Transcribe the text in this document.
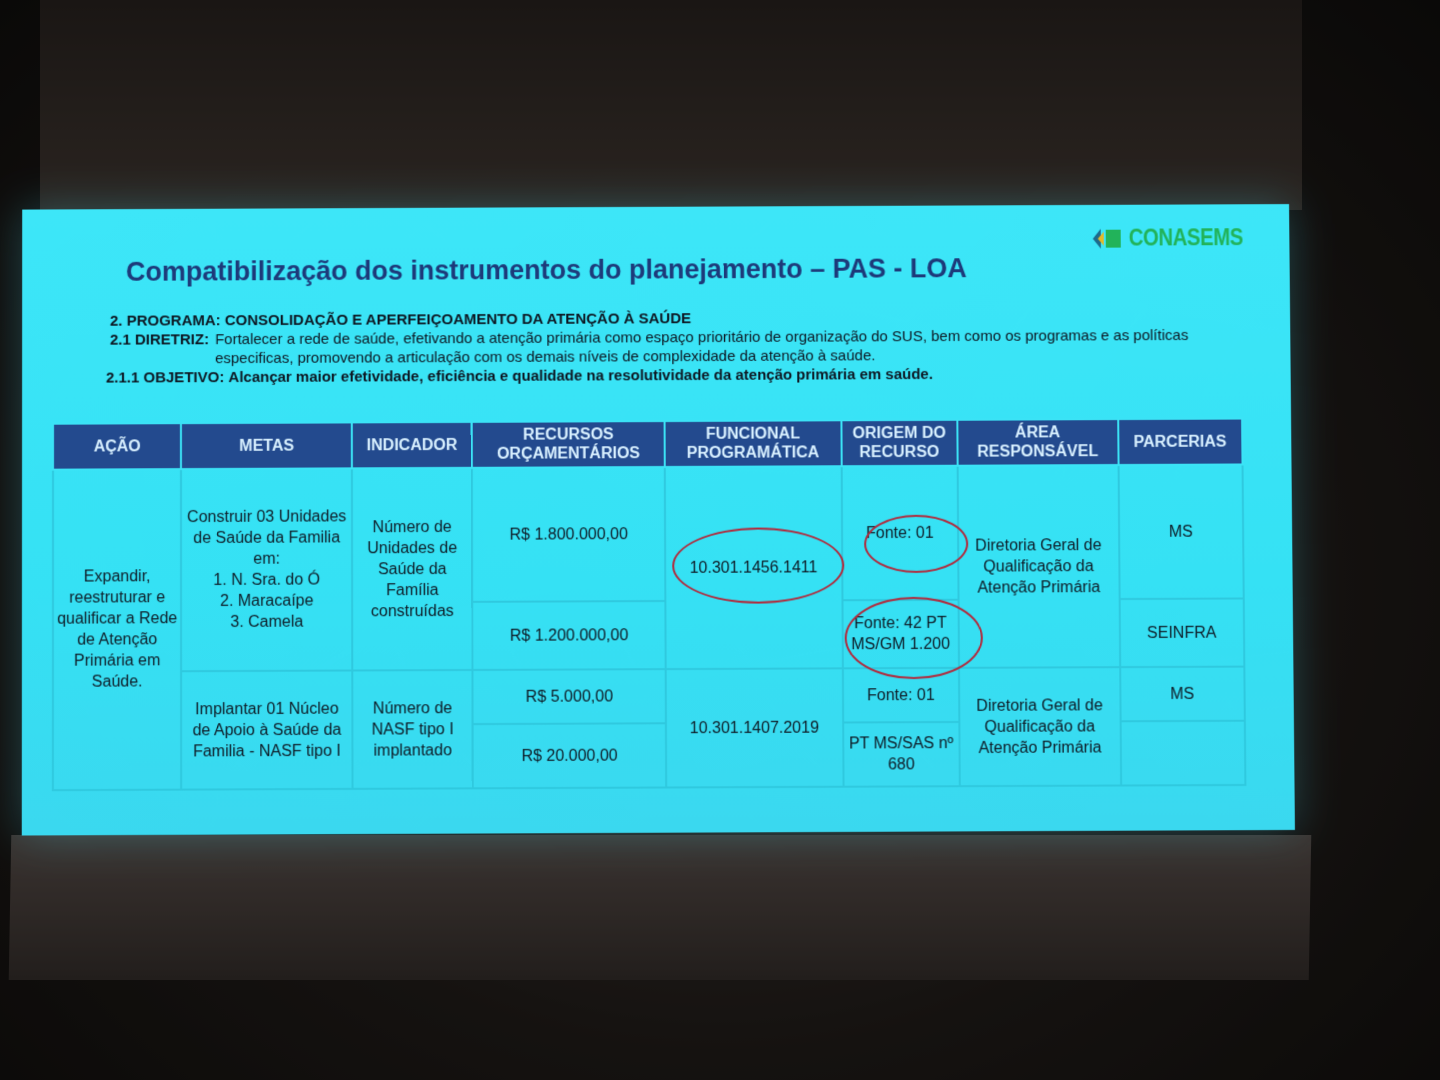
CONASEMS
Compatibilização dos instrumentos do planejamento – PAS - LOA
2. PROGRAMA: CONSOLIDAÇÃO E APERFEIÇOAMENTO DA ATENÇÃO À SAÚDE
2.1 DIRETRIZ: Fortalecer a rede de saúde, efetivando a atenção primária como espaço prioritário de organização do SUS, bem como os programas e as políticas especificas, promovendo a articulação com os demais níveis de complexidade da atenção à saúde.
2.1.1 OBJETIVO: Alcançar maior efetividade, eficiência e qualidade na resolutividade da atenção primária em saúde.
AÇÃO	METAS	INDICADOR	RECURSOS ORÇAMENTÁRIOS	FUNCIONAL PROGRAMÁTICA	ORIGEM DO RECURSO	ÁREA RESPONSÁVEL	PARCERIAS
Expandir, reestruturar e qualificar a Rede de Atenção Primária em Saúde.	Construir 03 Unidades de Saúde da Familia em:
1. N. Sra. do Ó
2. Maracaípe
3. Camela	Número de Unidades de Saúde da Família construídas	R$ 1.800.000,00	10.301.1456.1411	Fonte: 01	Diretoria Geral de Qualificação da Atenção Primária	MS
			R$ 1.200.000,00		Fonte: 42 PT MS/GM 1.200		SEINFRA
	Implantar 01 Núcleo de Apoio à Saúde da Familia - NASF tipo I	Número de NASF tipo I implantado	R$ 5.000,00	10.301.1407.2019	Fonte: 01	Diretoria Geral de Qualificação da Atenção Primária	MS
			R$ 20.000,00		PT MS/SAS nº 680		
